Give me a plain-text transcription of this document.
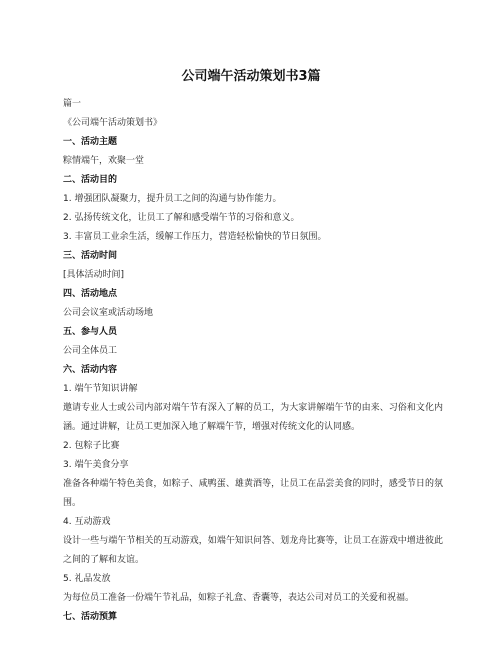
公司端午活动策划书3篇
篇一
《公司端午活动策划书》
一、活动主题
粽情端午，欢聚一堂
二、活动目的
1. 增强团队凝聚力，提升员工之间的沟通与协作能力。
2. 弘扬传统文化，让员工了解和感受端午节的习俗和意义。
3. 丰富员工业余生活，缓解工作压力，营造轻松愉快的节日氛围。
三、活动时间
[具体活动时间]
四、活动地点
公司会议室或活动场地
五、参与人员
公司全体员工
六、活动内容
1. 端午节知识讲解
邀请专业人士或公司内部对端午节有深入了解的员工，为大家讲解端午节的由来、习俗和文化内涵。通过讲解，让员工更加深入地了解端午节，增强对传统文化的认同感。
2. 包粽子比赛
3. 端午美食分享
准备各种端午特色美食，如粽子、咸鸭蛋、雄黄酒等，让员工在品尝美食的同时，感受节日的氛围。
4. 互动游戏
设计一些与端午节相关的互动游戏，如端午知识问答、划龙舟比赛等，让员工在游戏中增进彼此之间的了解和友谊。
5. 礼品发放
为每位员工准备一份端午节礼品，如粽子礼盒、香囊等，表达公司对员工的关爱和祝福。
七、活动预算
